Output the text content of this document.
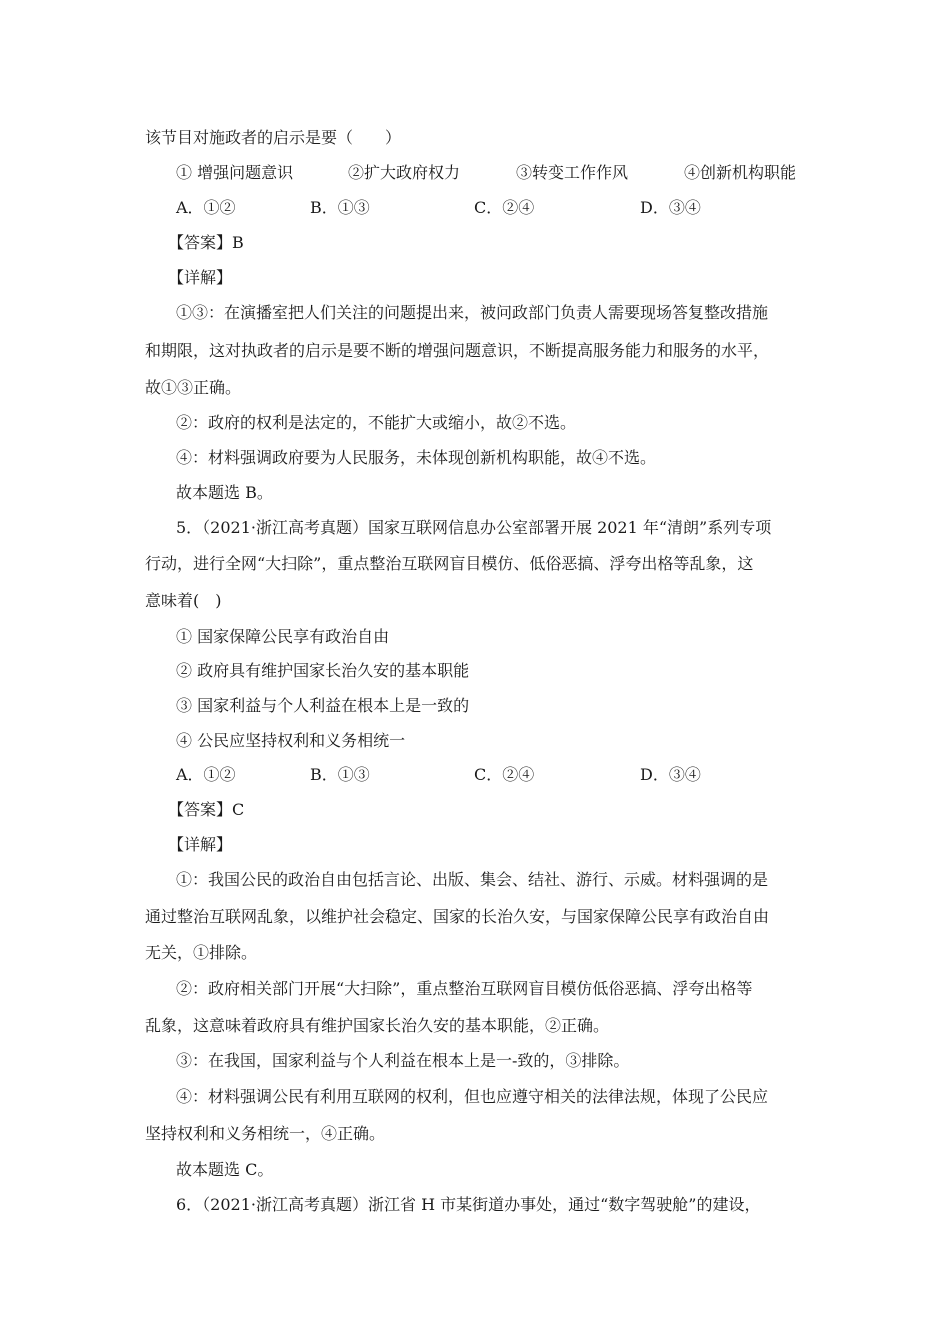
该节目对施政者的启示是要（　　）
① 增强问题意识	②扩大政府权力	③转变工作作风	④创新机构职能
A．①②	B．①③	C．②④	D．③④
【答案】B
【详解】
①③：在演播室把人们关注的问题提出来，被问政部门负责人需要现场答复整改措施
和期限，这对执政者的启示是要不断的增强问题意识，不断提高服务能力和服务的水平，
故①③正确。
②：政府的权利是法定的，不能扩大或缩小，故②不选。
④：材料强调政府要为人民服务，未体现创新机构职能，故④不选。
故本题选 B。
5．（2021·浙江高考真题）国家互联网信息办公室部署开展 2021 年“清朗”系列专项
行动，进行全网“大扫除”，重点整治互联网盲目模仿、低俗恶搞、浮夸出格等乱象，这
意味着(　)
① 国家保障公民享有政治自由
② 政府具有维护国家长治久安的基本职能
③ 国家利益与个人利益在根本上是一致的
④ 公民应坚持权利和义务相统一
A．①②	B．①③	C．②④	D．③④
【答案】C
【详解】
①：我国公民的政治自由包括言论、出版、集会、结社、游行、示威。材料强调的是
通过整治互联网乱象，以维护社会稳定、国家的长治久安，与国家保障公民享有政治自由
无关，①排除。
②：政府相关部门开展“大扫除”，重点整治互联网盲目模仿低俗恶搞、浮夸出格等
乱象，这意味着政府具有维护国家长治久安的基本职能，②正确。
③：在我国，国家利益与个人利益在根本上是一-致的，③排除。
④：材料强调公民有利用互联网的权利，但也应遵守相关的法律法规，体现了公民应
坚持权利和义务相统一，④正确。
故本题选 C。
6．（2021·浙江高考真题）浙江省 H 市某街道办事处，通过“数字驾驶舱”的建设，
